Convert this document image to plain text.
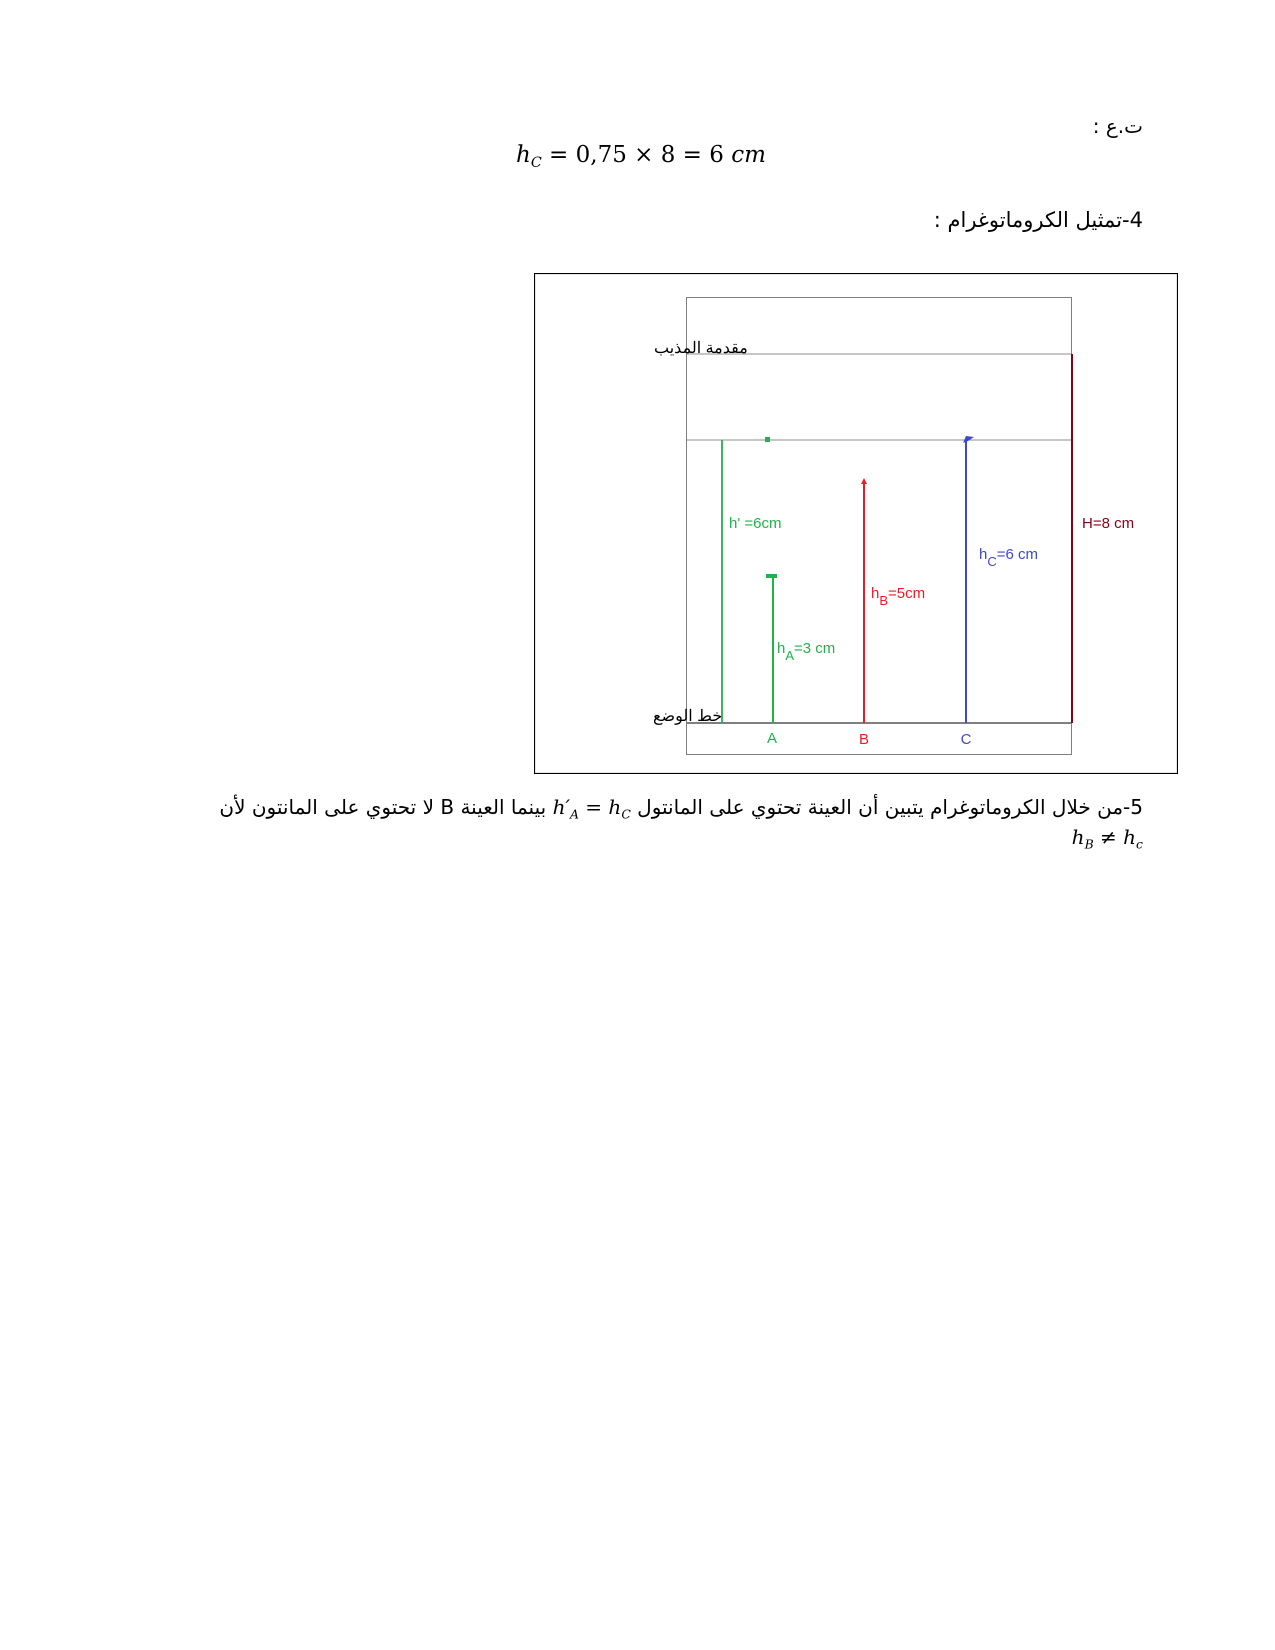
ت.ع :
$h_C = 0,75 \times 8 = 6$ cm
4-تمثيل الكروماتوغرام :
مقدمة المذيب
خط الوضع
h' =6cm
hA=3 cm
A
hB=5cm
B
hC=6 cm
C
H=8 cm
بينما العينة B لا تحتوي على المانتون لأن $h'_A = h_C$ 5-من خلال الكروماتوغرام يتبين أن العينة تحتوي على المانتول
$h_B \ne h_c$
